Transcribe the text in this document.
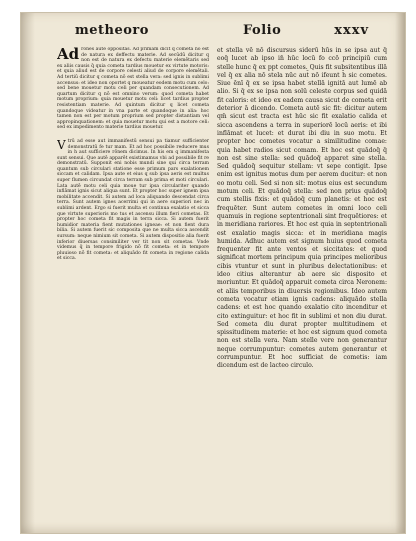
metheoro	Folio	xxxv

Ad ronës aute oppositas. Ad primam dicit q cometa nō est de natura ex deffectu materie. Ad secūdū dicitur q non est de natura ex defectu materie elemētaris sed ex aliis causis q̄ quia cometa tardius mouetur ex virtute motoris: et quia aliud est de corpore celesti aliud de corpore elemētali. Ad tertiū dicitur q cometa nō est stella vera: sed ignis in sublimi accensus: et ideo non oportet q moueatur eodem motu cum celo: sed bene mouetur motu celi per quandam consecutionem. Ad quartum dicitur q nõ est omnino verum: quod cometa habet motum proprium: quia mouetur motu celi: licet tardius propter resistentiam materie. Ad quintum dicitur q licet cometa quandoque videatur in vna parte et quandoque in alia: hoc tamen non est per motum proprium sed propter distantiam vel appropinquationem: et quia mouetur motu qui est a motore celi: sed ex impedimento materie tardius mouetur.

Vtrū ad esse aut immanifestū sensui pa tiamur sufficienter demonstratū fe tur mam. Et ad hoc possibile reducere mus in h aut sufficiere rōnem dicimus. In his em q immanifesta sunt sensui. Que autē apparēt existimamus vbi ad possibile fit re demonstratū. Supponit eni nobis mundi sine qui circa terram quantum sub circulari statione esse primum pars exalationem siccam et calidam. Ipsa aute et eius q sub ipsa aeris est multus super flumen circundat circa terram sub prima et moti circulari. Lata autē motu celi quia moue tur ipsa circulariter quando inflāmat ignis sicut aliqua sunt. Et propter hoc super ignem ipsa mobilitate accendit. Si autem ad loca aliquando descendat circa terra. Sunt autem ignes acerrimi qui in aere superiori nec in sublimi ardent. Ergo si fuerit multa et continua exalatio et sicca que virtute superioris mo tus et ascensu illum fieri cometas. Et propter hoc cometa fit magis in terra sicca. Si autem fuerit humidior materia fient mutationes igneae: et non fient dura bilia. Si autem fuerit sic composita que ne multa sicca ascendit sursum: neque nimium sit cometa. Si autem dispositio alia fuerit inferior diuersas consimiliter ver tit non sit cometas. Vnde videmus q̄ in tempore frigido nõ fit cometa: et in tempore pluuioso nõ fit cometa: et aliquādo fit cometa in regione calida et sicca.

et stella vē nō discursus siderū hūs in se ipsa aut q̄ eoq̄ lucet ab ipso in̄ hūc locū fo ccō principiū cum stelle hunc q̄ ex ppt cometes. Quis fit subsitentibus illā vel q̄ ex alia nō stela nūc aut̄ nō ifeunt h̄ sic cometes. Siue ēnī q̄ ex se ipsa habet stellā ignitā aut lumē ab alio. Si q̄ ex se ipsa non solū celeste corpus sed quidā fit caloris: et ideo ex eadem causa sicut de cometa erit deterior ā dicendo. Cometa autē sic fit: dicitur autem qm̄ sicut est tracta est hūc sic fit exalatio calida et sicca ascendens a terra in superiorē locū aeris: et ibi inflāmat et lucet: et durat ibi diu in suo motu. Et propter hoc cometes vocatur a similitudine comae: quia habet radios sicut comam. Et hoc est quādoq̄ q̄ non est sine stella: sed quādoq̄ apparet sine stella. Sed quādoq̄ sequitur stellam: vt sepe contigit. Ipse enim est ignitus motus dum per aerem ducitur: et non eo motu celi. Sed si non sit: motus eius est secundum motum celi. Et quādoq̄ stella: sed non prius quādoq̄ cum stellis fixis: et quādoq̄ cum planetis: et hoc est frequēter. Sunt autem cometes in omni loco celi quamuis in regione septentrionali sint frequētiores: et in meridiana rariores. Et hoc est quia in septentrionali est exalatio magis sicca: et in meridiana magis humida. Adhuc autem est signum huius quod cometa frequenter fit ante ventos et siccitates: et quod significat mortem principum quia principes melioribus cibis vtuntur et sunt in pluribus delectationibus: et ideo citius alterantur ab aere sic disposito et moriuntur. Et quādoq̄ apparuit cometa circa Neronem: et aliis temporibus in diuersis regionibus. Ideo autem cometa vocatur etiam ignis cadens: aliquādo stella cadens: et est hoc quando exalatio cito incenditur et cito extinguitur: et hoc fit in sublimi et non diu durat. Sed cometa diu durat propter multitudinem et spissitudinem materie: et hoc est signum quod cometa non est stella vera. Nam stelle vere non generantur neque corrumpuntur: cometes autem generantur et corrumpuntur. Et hoc sufficiat de cometis: iam dicendum est de lacteo circulo.
